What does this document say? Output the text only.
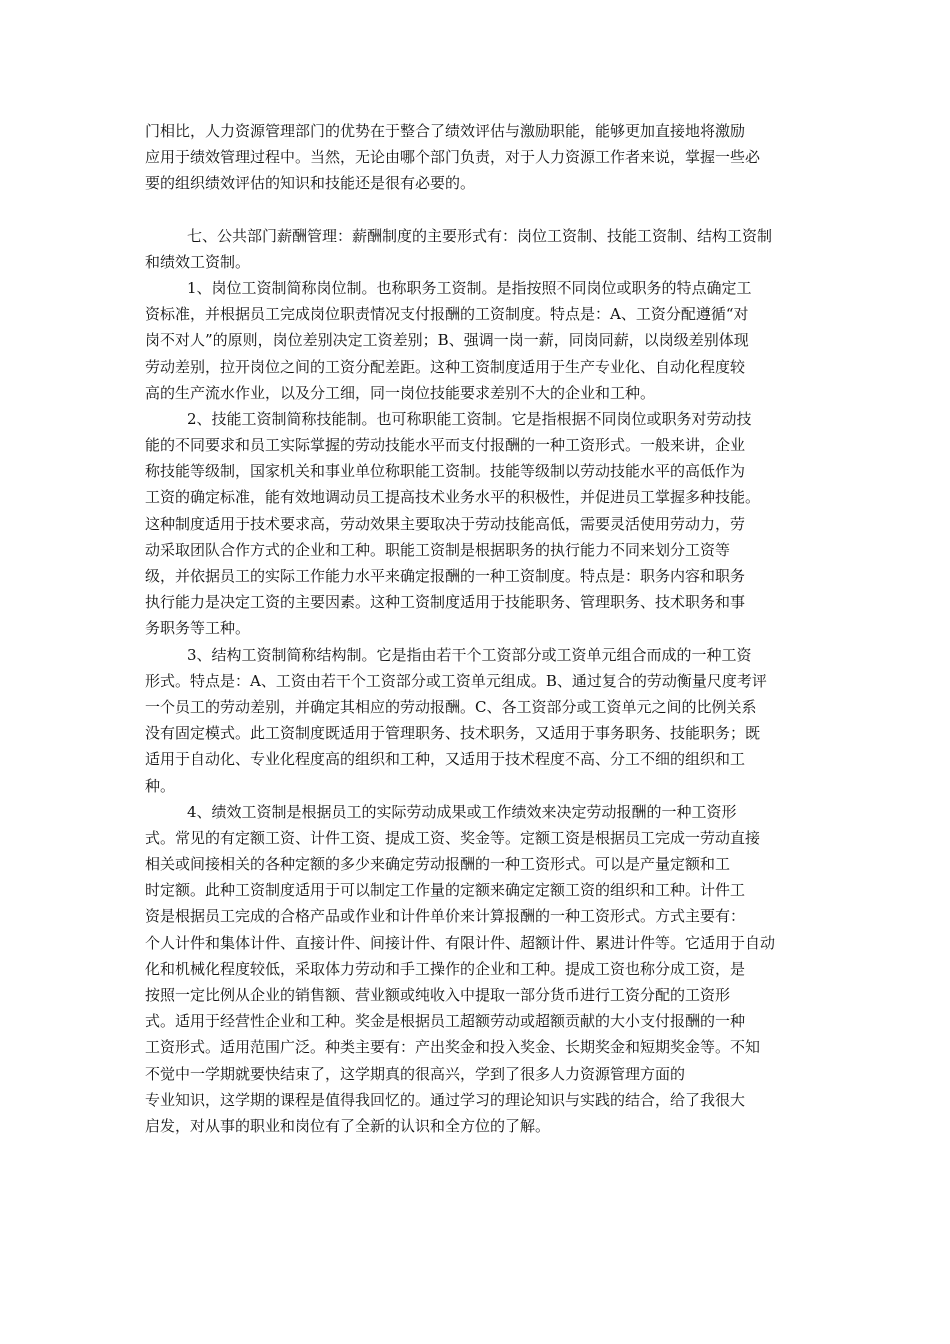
门相比，人力资源管理部门的优势在于整合了绩效评估与激励职能，能够更加直接地将激励
应用于绩效管理过程中。当然，无论由哪个部门负责，对于人力资源工作者来说，掌握一些必
要的组织绩效评估的知识和技能还是很有必要的。
七、公共部门薪酬管理：薪酬制度的主要形式有：岗位工资制、技能工资制、结构工资制
和绩效工资制。
1、岗位工资制简称岗位制。也称职务工资制。是指按照不同岗位或职务的特点确定工
资标准，并根据员工完成岗位职责情况支付报酬的工资制度。特点是：A、工资分配遵循“对
岗不对人”的原则，岗位差别决定工资差别；B、强调一岗一薪，同岗同薪，以岗级差别体现
劳动差别，拉开岗位之间的工资分配差距。这种工资制度适用于生产专业化、自动化程度较
高的生产流水作业，以及分工细，同一岗位技能要求差别不大的企业和工种。
2、技能工资制简称技能制。也可称职能工资制。它是指根据不同岗位或职务对劳动技
能的不同要求和员工实际掌握的劳动技能水平而支付报酬的一种工资形式。一般来讲，企业
称技能等级制，国家机关和事业单位称职能工资制。技能等级制以劳动技能水平的高低作为
工资的确定标准，能有效地调动员工提高技术业务水平的积极性，并促进员工掌握多种技能。
这种制度适用于技术要求高，劳动效果主要取决于劳动技能高低，需要灵活使用劳动力，劳
动采取团队合作方式的企业和工种。职能工资制是根据职务的执行能力不同来划分工资等
级，并依据员工的实际工作能力水平来确定报酬的一种工资制度。特点是：职务内容和职务
执行能力是决定工资的主要因素。这种工资制度适用于技能职务、管理职务、技术职务和事
务职务等工种。
3、结构工资制简称结构制。它是指由若干个工资部分或工资单元组合而成的一种工资
形式。特点是：A、工资由若干个工资部分或工资单元组成。B、通过复合的劳动衡量尺度考评
一个员工的劳动差别，并确定其相应的劳动报酬。C、各工资部分或工资单元之间的比例关系
没有固定模式。此工资制度既适用于管理职务、技术职务，又适用于事务职务、技能职务；既
适用于自动化、专业化程度高的组织和工种，又适用于技术程度不高、分工不细的组织和工
种。
4、绩效工资制是根据员工的实际劳动成果或工作绩效来决定劳动报酬的一种工资形
式。常见的有定额工资、计件工资、提成工资、奖金等。定额工资是根据员工完成一劳动直接
相关或间接相关的各种定额的多少来确定劳动报酬的一种工资形式。可以是产量定额和工
时定额。此种工资制度适用于可以制定工作量的定额来确定定额工资的组织和工种。计件工
资是根据员工完成的合格产品或作业和计件单价来计算报酬的一种工资形式。方式主要有：
个人计件和集体计件、直接计件、间接计件、有限计件、超额计件、累进计件等。它适用于自动
化和机械化程度较低，采取体力劳动和手工操作的企业和工种。提成工资也称分成工资，是
按照一定比例从企业的销售额、营业额或纯收入中提取一部分货币进行工资分配的工资形
式。适用于经营性企业和工种。奖金是根据员工超额劳动或超额贡献的大小支付报酬的一种
工资形式。适用范围广泛。种类主要有：产出奖金和投入奖金、长期奖金和短期奖金等。不知
不觉中一学期就要快结束了，这学期真的很高兴，学到了很多人力资源管理方面的
专业知识，这学期的课程是值得我回忆的。通过学习的理论知识与实践的结合，给了我很大
启发，对从事的职业和岗位有了全新的认识和全方位的了解。
